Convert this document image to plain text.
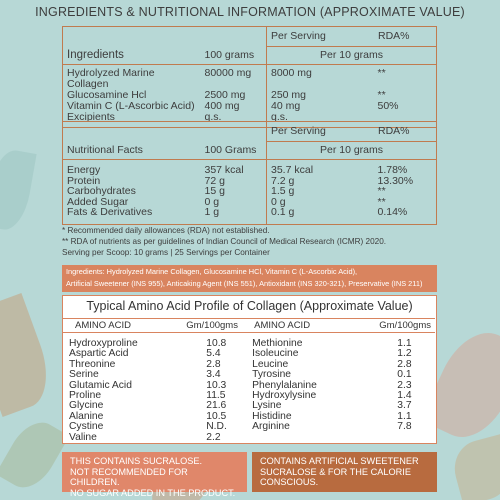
INGREDIENTS & NUTRITIONAL INFORMATION (APPROXIMATE VALUE)
		Per Serving	RDA%
Ingredients	100 grams	Per 10 grams	
Hydrolyzed Marine Collagen	80000 mg	8000 mg	**
Glucosamine Hcl	2500 mg	250 mg	**
Vitamin C (L-Ascorbic Acid)	400 mg	40 mg	50%
Excipients	q.s.	q.s.	
		Per Serving	RDA%
Nutritional Facts	100 Grams	Per 10 grams	
Energy	357 kcal	35.7 kcal	1.78%
Protein	72 g	7.2 g	13.30%
Carbohydrates	15 g	1.5 g	**
Added Sugar	0 g	0 g	**
Fats & Derivatives	1 g	0.1 g	0.14%
* Recommended daily allowances (RDA) not established.
** RDA of nutrients as per guidelines of Indian Council of Medical Research (ICMR) 2020.
Serving per Scoop: 10 grams | 25 Servings per Container
Ingredients: Hydrolyzed Marine Collagen, Glucosamine HCl, Vitamin C (L-Ascorbic Acid),
Artificial Sweetener (INS 955), Anticaking Agent (INS 551), Antioxidant (INS 320-321), Preservative (INS 211)
Typical Amino Acid Profile of Collagen (Approximate Value)
AMINO ACID	Gm/100gms	AMINO ACID	Gm/100gms
Hydroxyproline	10.8	Methionine	1.1
Aspartic Acid	5.4	Isoleucine	1.2
Threonine	2.8	Leucine	2.8
Serine	3.4	Tyrosine	0.1
Glutamic Acid	10.3	Phenylalanine	2.3
Proline	11.5	Hydroxylysine	1.4
Glycine	21.6	Lysine	3.7
Alanine	10.5	Histidine	1.1
Cystine	N.D.	Arginine	7.8
Valine	2.2		
THIS CONTAINS SUCRALOSE.
NOT RECOMMENDED FOR CHILDREN.
NO SUGAR ADDED IN THE PRODUCT.
CONTAINS ARTIFICIAL SWEETENER
SUCRALOSE & FOR THE CALORIE
CONSCIOUS.
